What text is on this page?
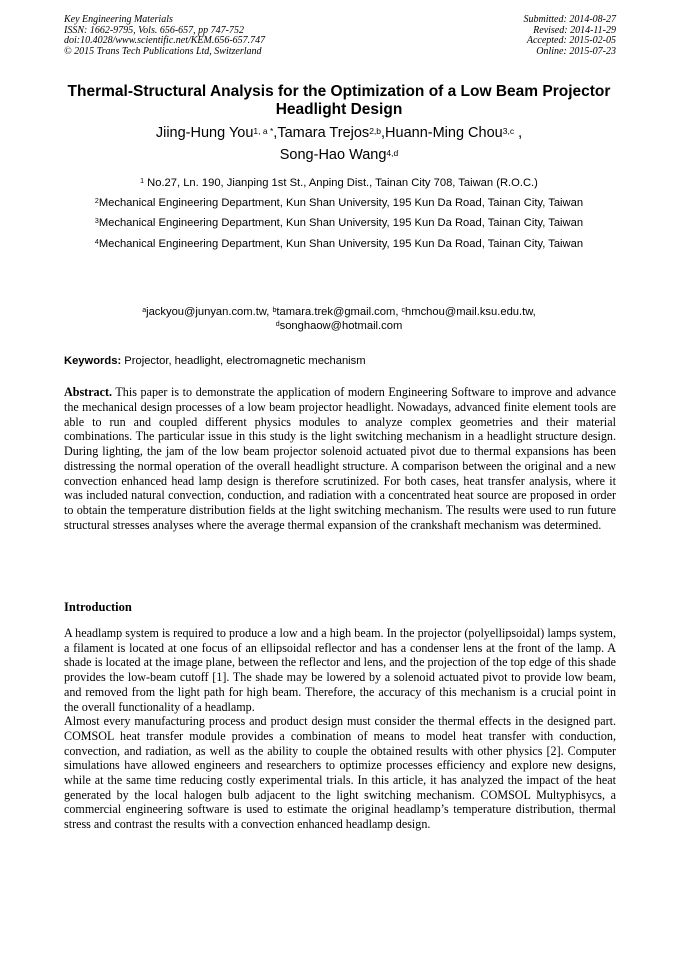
Key Engineering Materials
ISSN: 1662-9795, Vols. 656-657, pp 747-752
doi:10.4028/www.scientific.net/KEM.656-657.747
© 2015 Trans Tech Publications Ltd, Switzerland
Submitted: 2014-08-27
Revised: 2014-11-29
Accepted: 2015-02-05
Online: 2015-07-23
Thermal-Structural Analysis for the Optimization of a Low Beam Projector Headlight Design
Jiing-Hung You$^{1, a *}$,Tamara Trejos$^{2,b}$,Huann-Ming Chou$^{3,c}$ ,
Song-Hao Wang$^{4,d}$
$^1$ No.27, Ln. 190, Jianping 1st St., Anping Dist., Tainan City 708, Taiwan (R.O.C.)
$^2$Mechanical Engineering Department, Kun Shan University, 195 Kun Da Road, Tainan City, Taiwan
$^3$Mechanical Engineering Department, Kun Shan University, 195 Kun Da Road, Tainan City, Taiwan
$^4$Mechanical Engineering Department, Kun Shan University, 195 Kun Da Road, Tainan City, Taiwan
$^a$jackyou@junyan.com.tw, $^b$tamara.trek@gmail.com, $^c$hmchou@mail.ksu.edu.tw,
$^d$songhaow@hotmail.com
Keywords: Projector, headlight, electromagnetic mechanism
Abstract. This paper is to demonstrate the application of modern Engineering Software to improve and advance the mechanical design processes of a low beam projector headlight. Nowadays, advanced finite element tools are able to run and coupled different physics modules to analyze complex geometries and their material combinations. The particular issue in this study is the light switching mechanism in a headlight structure design. During lighting, the jam of the low beam projector solenoid actuated pivot due to thermal expansions has been distressing the normal operation of the overall headlight structure. A comparison between the original and a new convection enhanced head lamp design is therefore scrutinized. For both cases, heat transfer analysis, where it was included natural convection, conduction, and radiation with a concentrated heat source are proposed in order to obtain the temperature distribution fields at the light switching mechanism. The results were used to run future structural stresses analyses where the average thermal expansion of the crankshaft mechanism was determined.
Introduction

A headlamp system is required to produce a low and a high beam. In the projector (polyellipsoidal) lamps system, a filament is located at one focus of an ellipsoidal reflector and has a condenser lens at the front of the lamp. A shade is located at the image plane, between the reflector and lens, and the projection of the top edge of this shade provides the low-beam cutoff [1]. The shade may be lowered by a solenoid actuated pivot to provide low beam, and removed from the light path for high beam. Therefore, the accuracy of this mechanism is a crucial point in the overall functionality of a headlamp.

Almost every manufacturing process and product design must consider the thermal effects in the designed part. COMSOL heat transfer module provides a combination of means to model heat transfer with conduction, convection, and radiation, as well as the ability to couple the obtained results with other physics [2]. Computer simulations have allowed engineers and researchers to optimize processes efficiency and explore new designs, while at the same time reducing costly experimental trials. In this article, it has analyzed the impact of the heat generated by the local halogen bulb adjacent to the light switching mechanism. COMSOL Multyphisycs, a commercial engineering software is used to estimate the original headlamp’s temperature distribution, thermal stress and contrast the results with a convection enhanced headlamp design.
